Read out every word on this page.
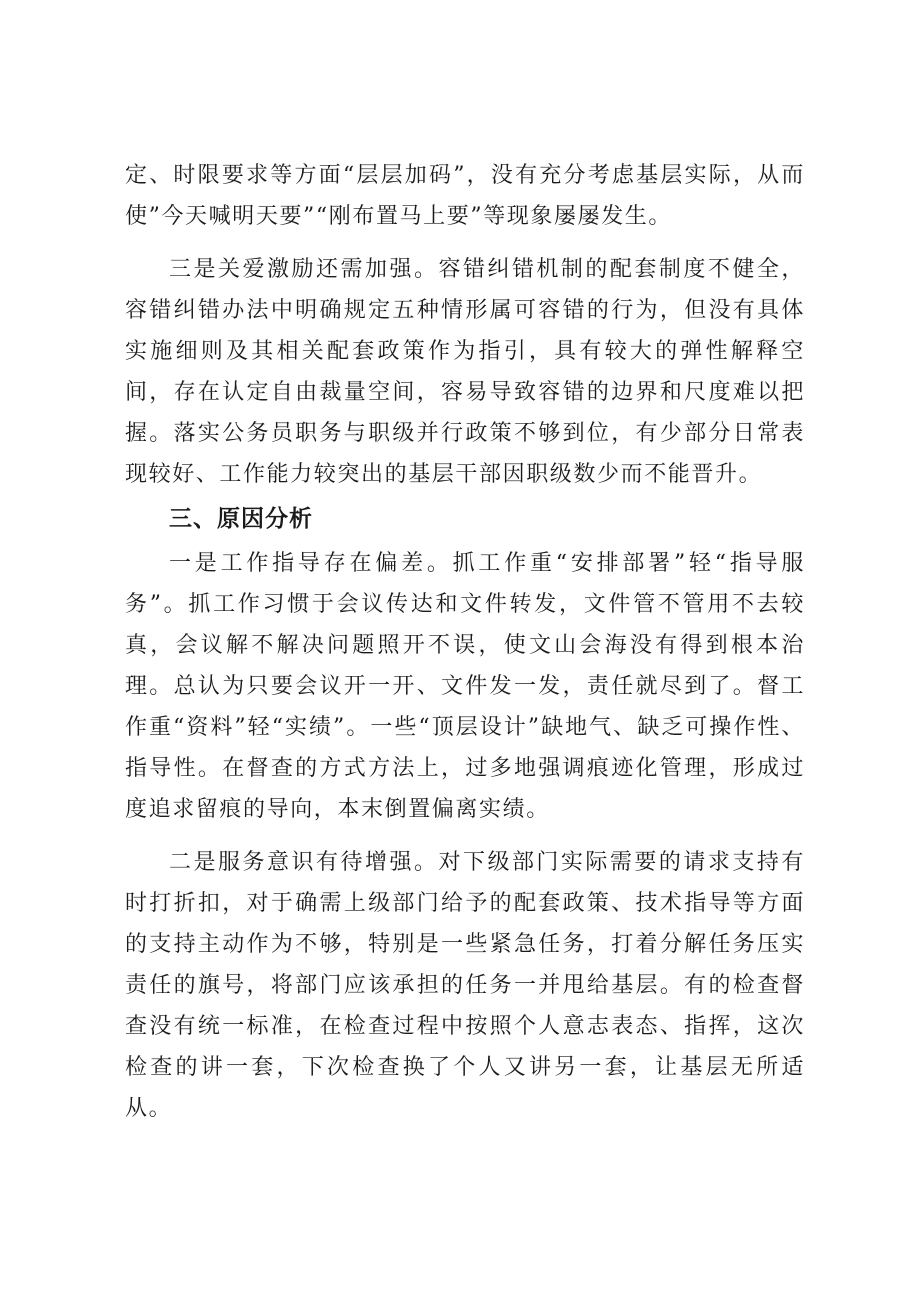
定、时限要求等方面“层层加码”，没有充分考虑基层实际，从而使”今天喊明天要”“刚布置马上要”等现象屡屡发生。

三是关爱激励还需加强。容错纠错机制的配套制度不健全，容错纠错办法中明确规定五种情形属可容错的行为，但没有具体实施细则及其相关配套政策作为指引，具有较大的弹性解释空间，存在认定自由裁量空间，容易导致容错的边界和尺度难以把握。落实公务员职务与职级并行政策不够到位，有少部分日常表现较好、工作能力较突出的基层干部因职级数少而不能晋升。

三、原因分析

一是工作指导存在偏差。抓工作重“安排部署”轻“指导服务”。抓工作习惯于会议传达和文件转发，文件管不管用不去较真，会议解不解决问题照开不误，使文山会海没有得到根本治理。总认为只要会议开一开、文件发一发，责任就尽到了。督工作重“资料”轻“实绩”。一些“顶层设计”缺地气、缺乏可操作性、指导性。在督查的方式方法上，过多地强调痕迹化管理，形成过度追求留痕的导向，本末倒置偏离实绩。

二是服务意识有待增强。对下级部门实际需要的请求支持有时打折扣，对于确需上级部门给予的配套政策、技术指导等方面的支持主动作为不够，特别是一些紧急任务，打着分解任务压实责任的旗号，将部门应该承担的任务一并甩给基层。有的检查督查没有统一标准，在检查过程中按照个人意志表态、指挥，这次检查的讲一套，下次检查换了个人又讲另一套，让基层无所适从。
